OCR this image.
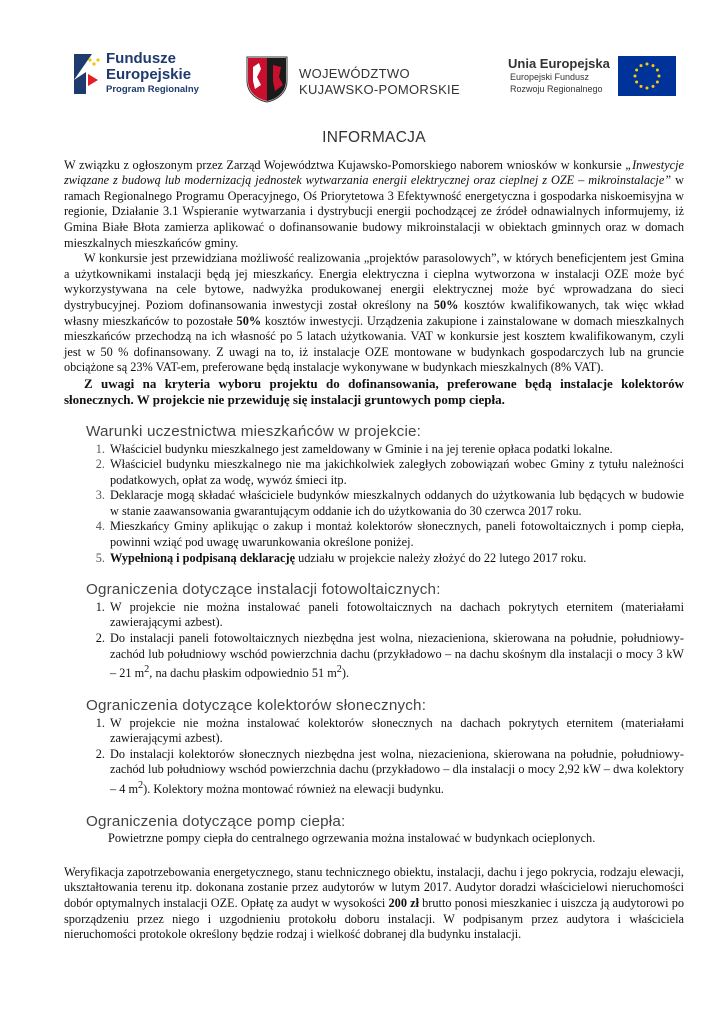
Fundusze
Europejskie
Program Regionalny
WOJEWÓDZTWO
KUJAWSKO-POMORSKIE
Unia Europejska
Europejski Fundusz
Rozwoju Regionalnego
INFORMACJA

W związku z ogłoszonym przez Zarząd Województwa Kujawsko-Pomorskiego naborem wniosków w konkursie „Inwestycje związane z budową lub modernizacją jednostek wytwarzania energii elektrycznej oraz cieplnej z OZE – mikroinstalacje” w ramach Regionalnego Programu Operacyjnego, Oś Priorytetowa 3 Efektywność energetyczna i gospodarka niskoemisyjna w regionie, Działanie 3.1 Wspieranie wytwarzania i dystrybucji energii pochodzącej ze źródeł odnawialnych informujemy, iż Gmina Białe Błota zamierza aplikować o dofinansowanie budowy mikroinstalacji w obiektach gminnych oraz w domach mieszkalnych mieszkańców gminy.

W konkursie jest przewidziana możliwość realizowania „projektów parasolowych”, w których beneficjentem jest Gmina a użytkownikami instalacji będą jej mieszkańcy. Energia elektryczna i cieplna wytworzona w instalacji OZE może być wykorzystywana na cele bytowe, nadwyżka produkowanej energii elektrycznej może być wprowadzana do sieci dystrybucyjnej. Poziom dofinansowania inwestycji został określony na 50% kosztów kwalifikowanych, tak więc wkład własny mieszkańców to pozostałe 50% kosztów inwestycji. Urządzenia zakupione i zainstalowane w domach mieszkalnych mieszkańców przechodzą na ich własność po 5 latach użytkowania. VAT w konkursie jest kosztem kwalifikowanym, czyli jest w 50 % dofinansowany. Z uwagi na to, iż instalacje OZE montowane w budynkach gospodarczych lub na gruncie obciążone są 23% VAT-em, preferowane będą instalacje wykonywane w budynkach mieszkalnych (8% VAT).

Z uwagi na kryteria wyboru projektu do dofinansowania, preferowane będą instalacje kolektorów słonecznych. W projekcie nie przewiduję się instalacji gruntowych pomp ciepła.

Warunki uczestnictwa mieszkańców w projekcie:
1. Właściciel budynku mieszkalnego jest zameldowany w Gminie i na jej terenie opłaca podatki lokalne.
2. Właściciel budynku mieszkalnego nie ma jakichkolwiek zaległych zobowiązań wobec Gminy z tytułu należności podatkowych, opłat za wodę, wywóz śmieci itp.
3. Deklaracje mogą składać właściciele budynków mieszkalnych oddanych do użytkowania lub będących w budowie w stanie zaawansowania gwarantującym oddanie ich do użytkowania do 30 czerwca 2017 roku.
4. Mieszkańcy Gminy aplikując o zakup i montaż kolektorów słonecznych, paneli fotowoltaicznych i pomp ciepła, powinni wziąć pod uwagę uwarunkowania określone poniżej.
5. Wypełnioną i podpisaną deklarację udziału w projekcie należy złożyć do 22 lutego 2017 roku.
Ograniczenia dotyczące instalacji fotowoltaicznych:
1. W projekcie nie można instalować paneli fotowoltaicznych na dachach pokrytych eternitem (materiałami zawierającymi azbest).
2. Do instalacji paneli fotowoltaicznych niezbędna jest wolna, niezacieniona, skierowana na południe, południowy-zachód lub południowy wschód powierzchnia dachu (przykładowo – na dachu skośnym dla instalacji o mocy 3 kW – 21 $m^2$, na dachu płaskim odpowiednio 51 $m^2$).
Ograniczenia dotyczące kolektorów słonecznych:
1. W projekcie nie można instalować kolektorów słonecznych na dachach pokrytych eternitem (materiałami zawierającymi azbest).
2. Do instalacji kolektorów słonecznych niezbędna jest wolna, niezacieniona, skierowana na południe, południowy-zachód lub południowy wschód powierzchnia dachu (przykładowo – dla instalacji o mocy 2,92 kW – dwa kolektory – 4 $m^2$). Kolektory można montować również na elewacji budynku.
Ograniczenia dotyczące pomp ciepła:

Powietrzne pompy ciepła do centralnego ogrzewania można instalować w budynkach ocieplonych.

Weryfikacja zapotrzebowania energetycznego, stanu technicznego obiektu, instalacji, dachu i jego pokrycia, rodzaju elewacji, ukształtowania terenu itp. dokonana zostanie przez audytorów w lutym 2017. Audytor doradzi właścicielowi nieruchomości dobór optymalnych instalacji OZE. Opłatę za audyt w wysokości 200 zł brutto ponosi mieszkaniec i uiszcza ją audytorowi po sporządzeniu przez niego i uzgodnieniu protokołu doboru instalacji. W podpisanym przez audytora i właściciela nieruchomości protokole określony będzie rodzaj i wielkość dobranej dla budynku instalacji.
